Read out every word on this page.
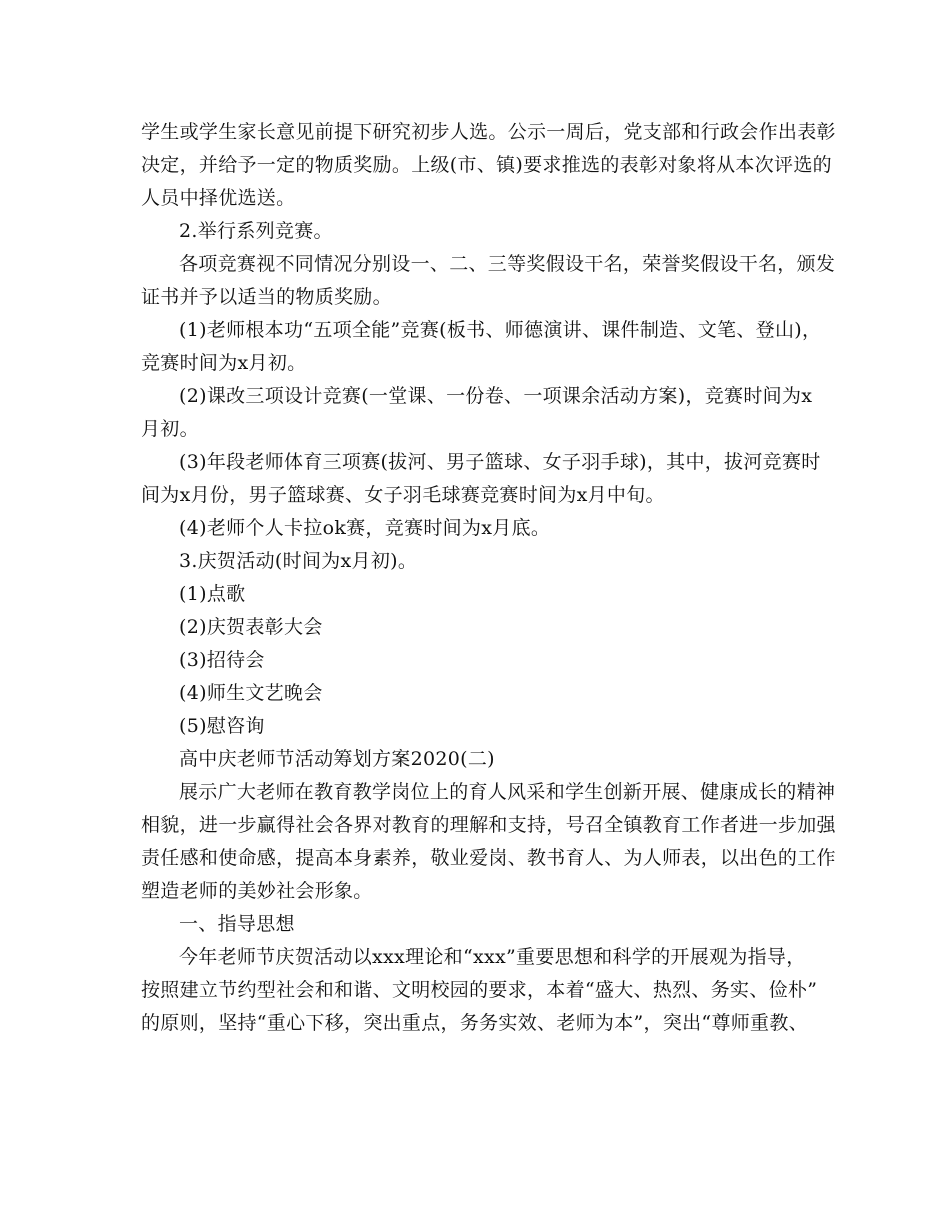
学生或学生家长意见前提下研究初步人选。公示一周后，党支部和行政会作出表彰
决定，并给予一定的物质奖励。上级(市、镇)要求推选的表彰对象将从本次评选的
人员中择优选送。
2.举行系列竞赛。
各项竞赛视不同情况分别设一、二、三等奖假设干名，荣誉奖假设干名，颁发
证书并予以适当的物质奖励。
(1)老师根本功“五项全能”竞赛(板书、师德演讲、课件制造、文笔、登山)，
竞赛时间为x月初。
(2)课改三项设计竞赛(一堂课、一份卷、一项课余活动方案)，竞赛时间为x
月初。
(3)年段老师体育三项赛(拔河、男子篮球、女子羽手球)，其中，拔河竞赛时
间为x月份，男子篮球赛、女子羽毛球赛竞赛时间为x月中旬。
(4)老师个人卡拉ok赛，竞赛时间为x月底。
3.庆贺活动(时间为x月初)。
(1)点歌
(2)庆贺表彰大会
(3)招待会
(4)师生文艺晚会
(5)慰咨询
高中庆老师节活动筹划方案2020(二)
展示广大老师在教育教学岗位上的育人风采和学生创新开展、健康成长的精神
相貌，进一步赢得社会各界对教育的理解和支持，号召全镇教育工作者进一步加强
责任感和使命感，提高本身素养，敬业爱岗、教书育人、为人师表，以出色的工作
塑造老师的美妙社会形象。
一、指导思想
今年老师节庆贺活动以xxx理论和“xxx”重要思想和科学的开展观为指导，
按照建立节约型社会和和谐、文明校园的要求，本着“盛大、热烈、务实、俭朴”
的原则，坚持“重心下移，突出重点，务务实效、老师为本”，突出“尊师重教、
